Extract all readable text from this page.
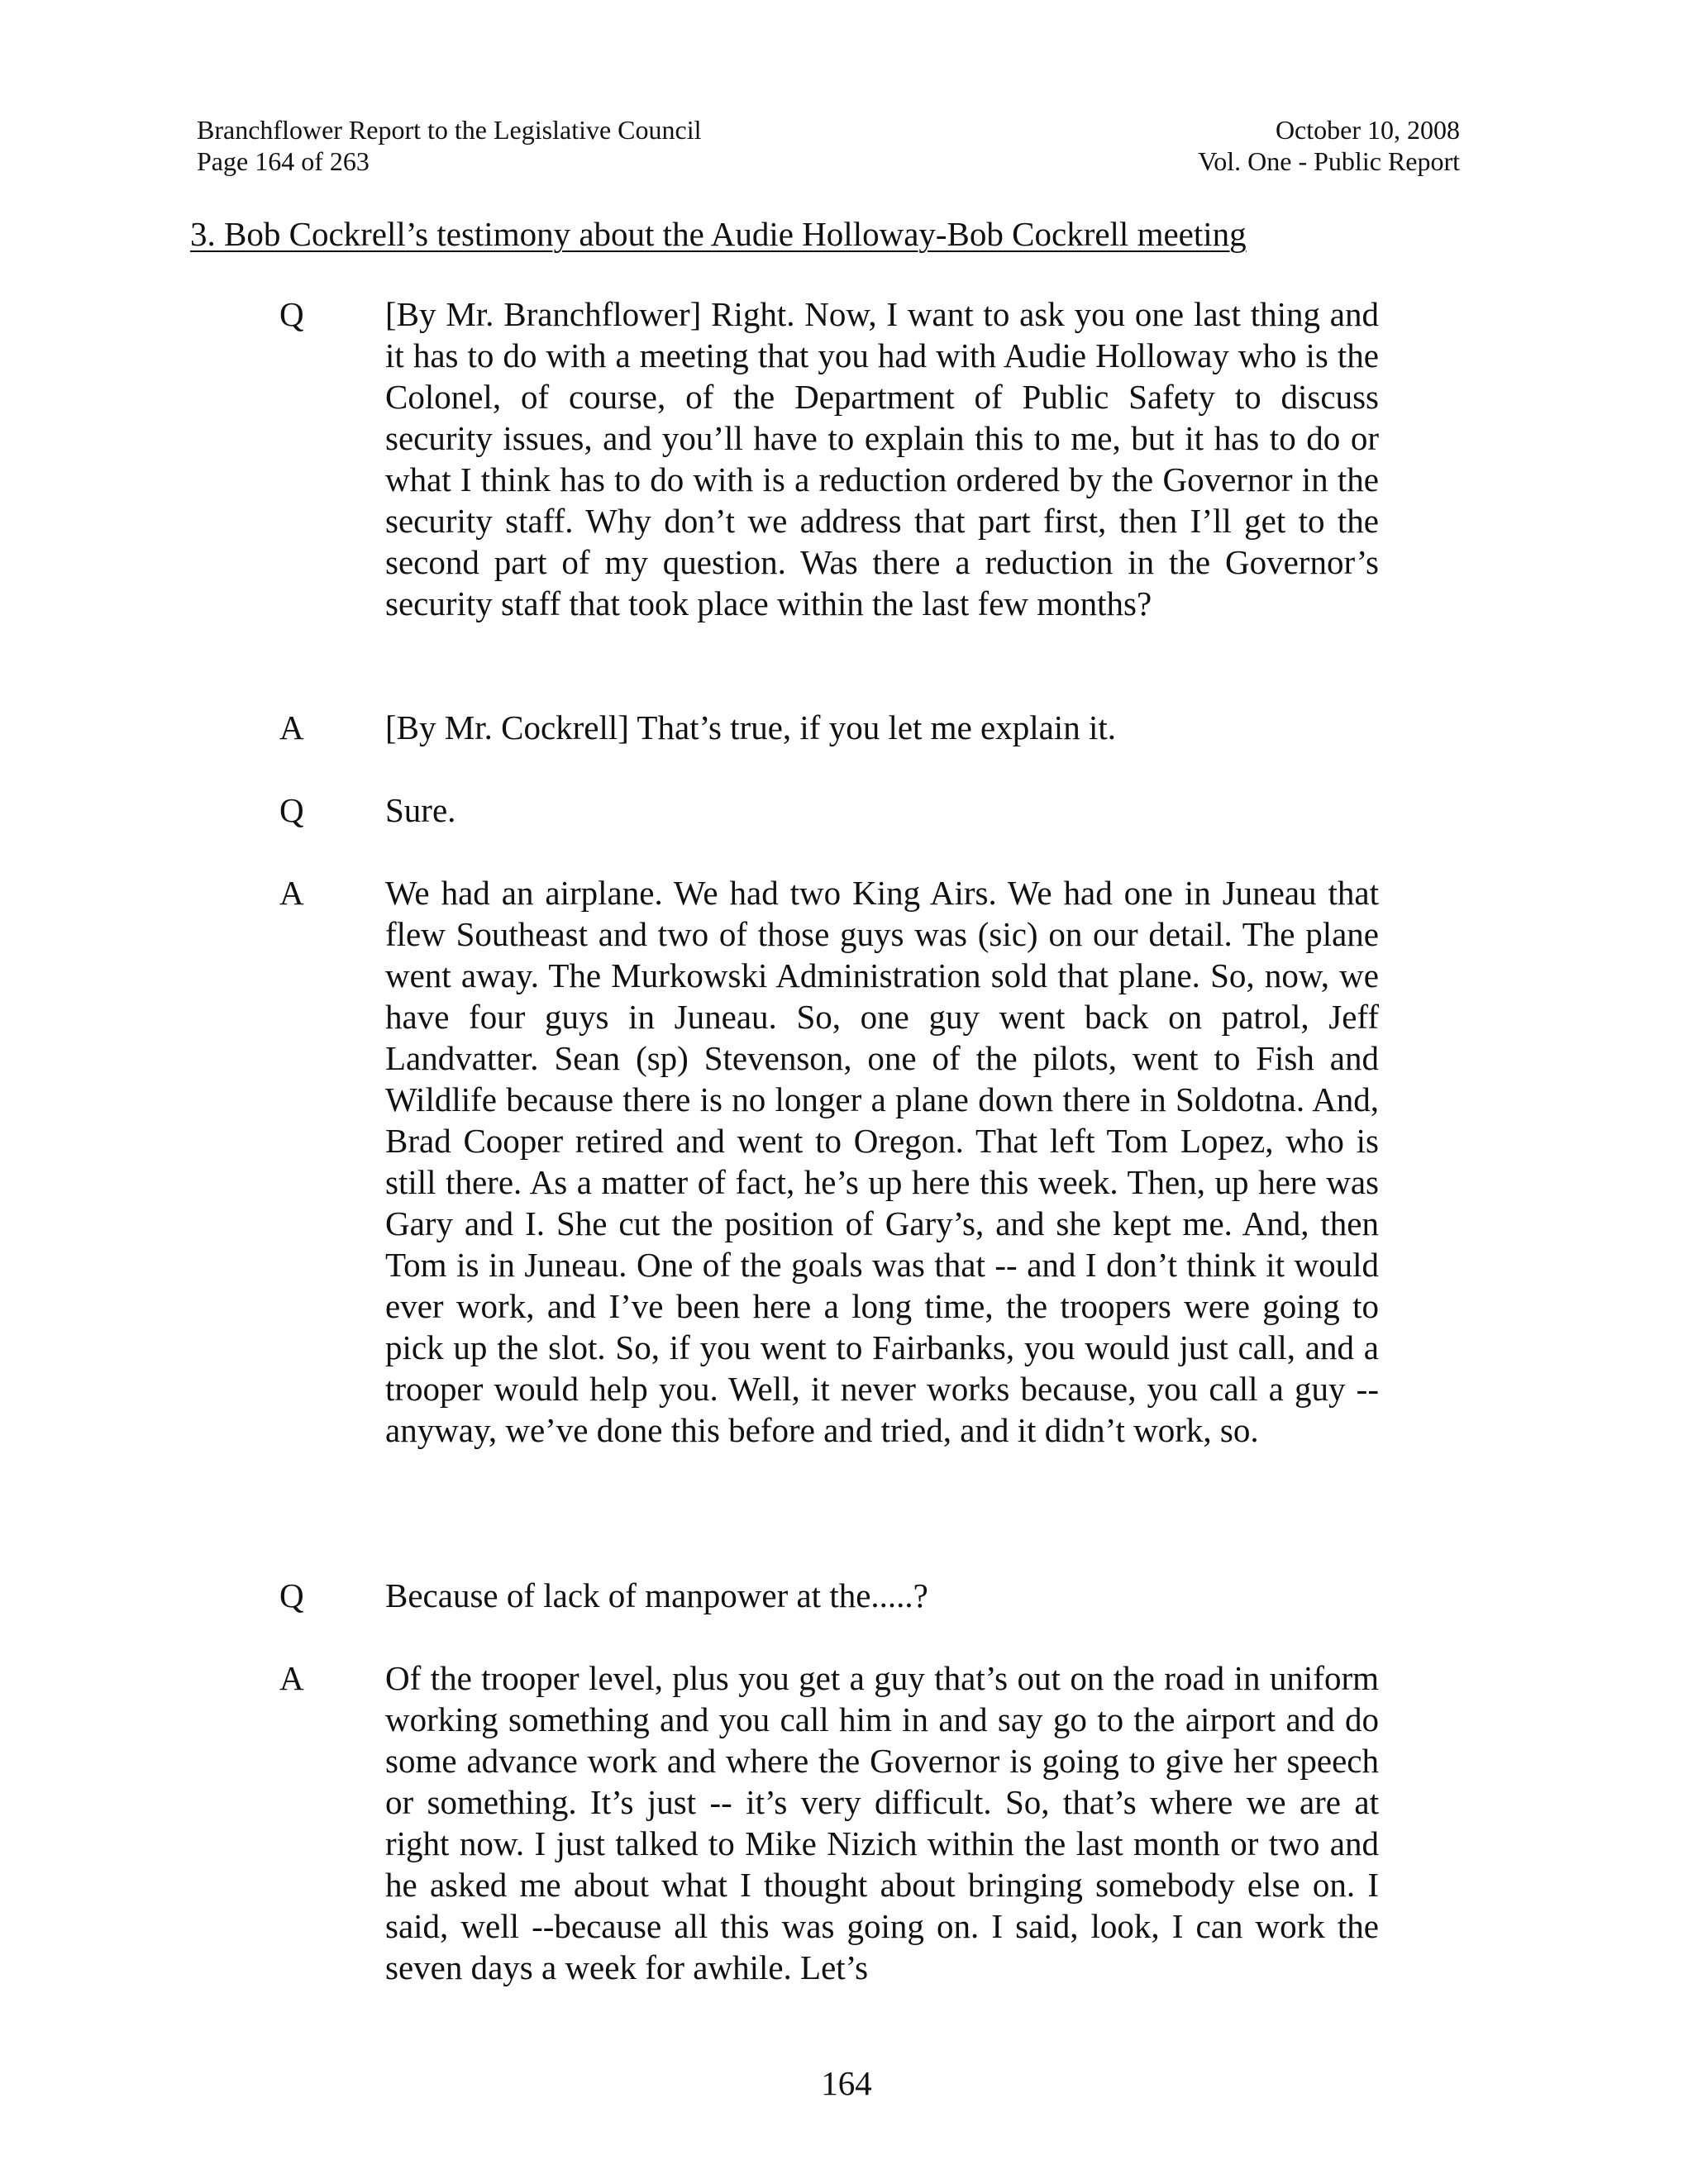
Branchflower Report to the Legislative Council
Page 164 of 263
October 10, 2008
Vol. One - Public Report
3. Bob Cockrell’s testimony about the Audie Holloway-Bob Cockrell meeting
Q	[By Mr. Branchflower] Right. Now, I want to ask you one last thing and it has to do with a meeting that you had with Audie Holloway who is the Colonel, of course, of the Department of Public Safety to discuss security issues, and you’ll have to explain this to me, but it has to do or what I think has to do with is a reduction ordered by the Governor in the security staff. Why don’t we address that part first, then I’ll get to the second part of my question. Was there a reduction in the Governor’s security staff that took place within the last few months?
A	[By Mr. Cockrell] That’s true, if you let me explain it.
Q	Sure.
A	We had an airplane. We had two King Airs. We had one in Juneau that flew Southeast and two of those guys was (sic) on our detail. The plane went away. The Murkowski Administration sold that plane. So, now, we have four guys in Juneau. So, one guy went back on patrol, Jeff Landvatter. Sean (sp) Stevenson, one of the pilots, went to Fish and Wildlife because there is no longer a plane down there in Soldotna. And, Brad Cooper retired and went to Oregon. That left Tom Lopez, who is still there. As a matter of fact, he’s up here this week. Then, up here was Gary and I. She cut the position of Gary’s, and she kept me. And, then Tom is in Juneau. One of the goals was that -- and I don’t think it would ever work, and I’ve been here a long time, the troopers were going to pick up the slot. So, if you went to Fairbanks, you would just call, and a trooper would help you. Well, it never works because, you call a guy -- anyway, we’ve done this before and tried, and it didn’t work, so.
Q	Because of lack of manpower at the.....?
A	Of the trooper level, plus you get a guy that’s out on the road in uniform working something and you call him in and say go to the airport and do some advance work and where the Governor is going to give her speech or something. It’s just -- it’s very difficult. So, that’s where we are at right now. I just talked to Mike Nizich within the last month or two and he asked me about what I thought about bringing somebody else on. I said, well --because all this was going on. I said, look, I can work the seven days a week for awhile. Let’s
164
